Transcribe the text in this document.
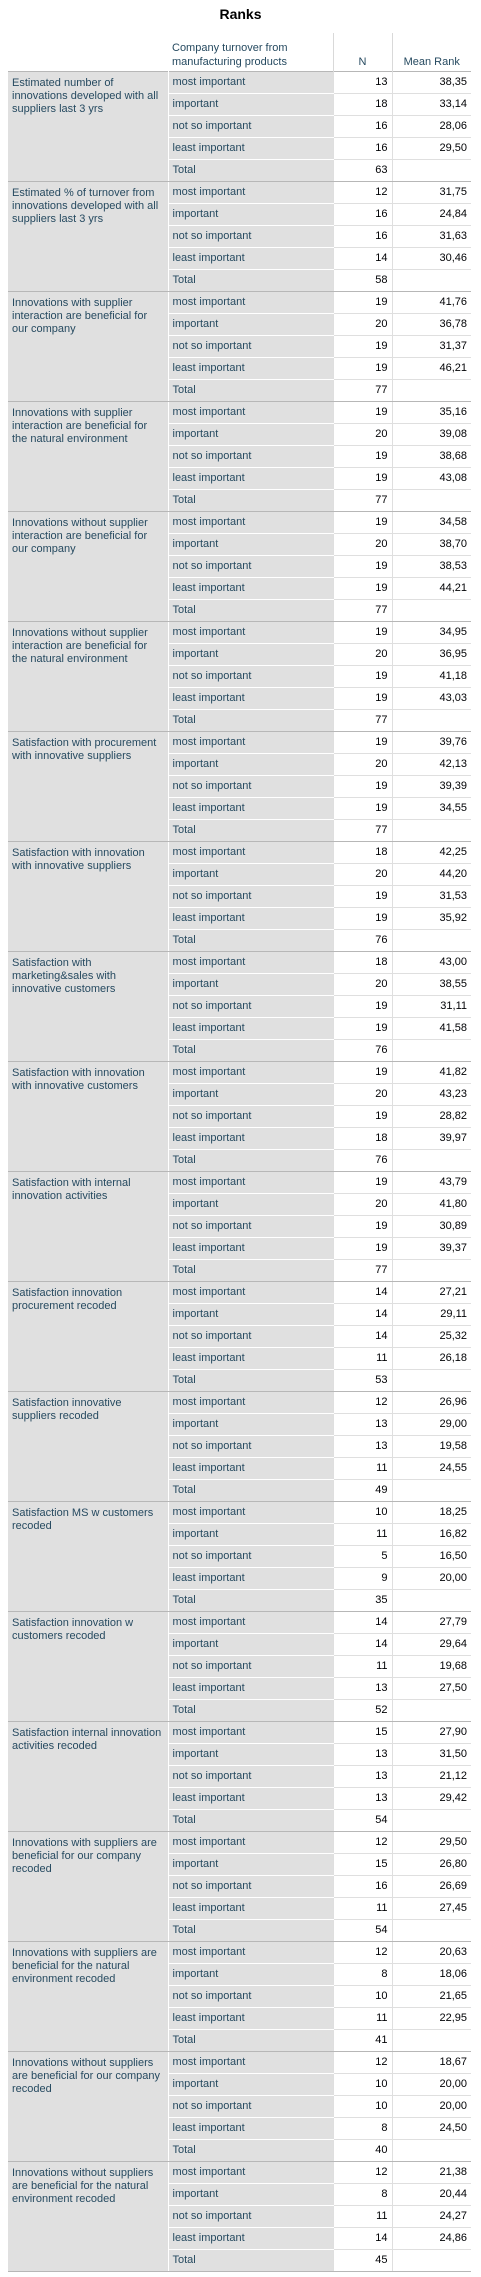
Ranks
	Company turnover from manufacturing products	N	Mean Rank
Estimated number of innovations developed with all suppliers last 3 yrs	most important	13	38,35
	important	18	33,14
	not so important	16	28,06
	least important	16	29,50
	Total	63	
Estimated % of turnover from innovations developed with all suppliers last 3 yrs	most important	12	31,75
	important	16	24,84
	not so important	16	31,63
	least important	14	30,46
	Total	58	
Innovations with supplier interaction are beneficial for our company	most important	19	41,76
	important	20	36,78
	not so important	19	31,37
	least important	19	46,21
	Total	77	
Innovations with supplier interaction are beneficial for the natural environment	most important	19	35,16
	important	20	39,08
	not so important	19	38,68
	least important	19	43,08
	Total	77	
Innovations without supplier interaction are beneficial for our company	most important	19	34,58
	important	20	38,70
	not so important	19	38,53
	least important	19	44,21
	Total	77	
Innovations without supplier interaction are beneficial for the natural environment	most important	19	34,95
	important	20	36,95
	not so important	19	41,18
	least important	19	43,03
	Total	77	
Satisfaction with procurement with innovative suppliers	most important	19	39,76
	important	20	42,13
	not so important	19	39,39
	least important	19	34,55
	Total	77	
Satisfaction with innovation with innovative suppliers	most important	18	42,25
	important	20	44,20
	not so important	19	31,53
	least important	19	35,92
	Total	76	
Satisfaction with marketing&sales with innovative customers	most important	18	43,00
	important	20	38,55
	not so important	19	31,11
	least important	19	41,58
	Total	76	
Satisfaction with innovation with innovative customers	most important	19	41,82
	important	20	43,23
	not so important	19	28,82
	least important	18	39,97
	Total	76	
Satisfaction with internal innovation activities	most important	19	43,79
	important	20	41,80
	not so important	19	30,89
	least important	19	39,37
	Total	77	
Satisfaction innovation procurement recoded	most important	14	27,21
	important	14	29,11
	not so important	14	25,32
	least important	11	26,18
	Total	53	
Satisfaction innovative suppliers recoded	most important	12	26,96
	important	13	29,00
	not so important	13	19,58
	least important	11	24,55
	Total	49	
Satisfaction MS w customers recoded	most important	10	18,25
	important	11	16,82
	not so important	5	16,50
	least important	9	20,00
	Total	35	
Satisfaction innovation w customers recoded	most important	14	27,79
	important	14	29,64
	not so important	11	19,68
	least important	13	27,50
	Total	52	
Satisfaction internal innovation activities recoded	most important	15	27,90
	important	13	31,50
	not so important	13	21,12
	least important	13	29,42
	Total	54	
Innovations with suppliers are beneficial for our company recoded	most important	12	29,50
	important	15	26,80
	not so important	16	26,69
	least important	11	27,45
	Total	54	
Innovations with suppliers are beneficial for the natural environment recoded	most important	12	20,63
	important	8	18,06
	not so important	10	21,65
	least important	11	22,95
	Total	41	
Innovations without suppliers are beneficial for our company recoded	most important	12	18,67
	important	10	20,00
	not so important	10	20,00
	least important	8	24,50
	Total	40	
Innovations without suppliers are beneficial for the natural environment recoded	most important	12	21,38
	important	8	20,44
	not so important	11	24,27
	least important	14	24,86
	Total	45	
